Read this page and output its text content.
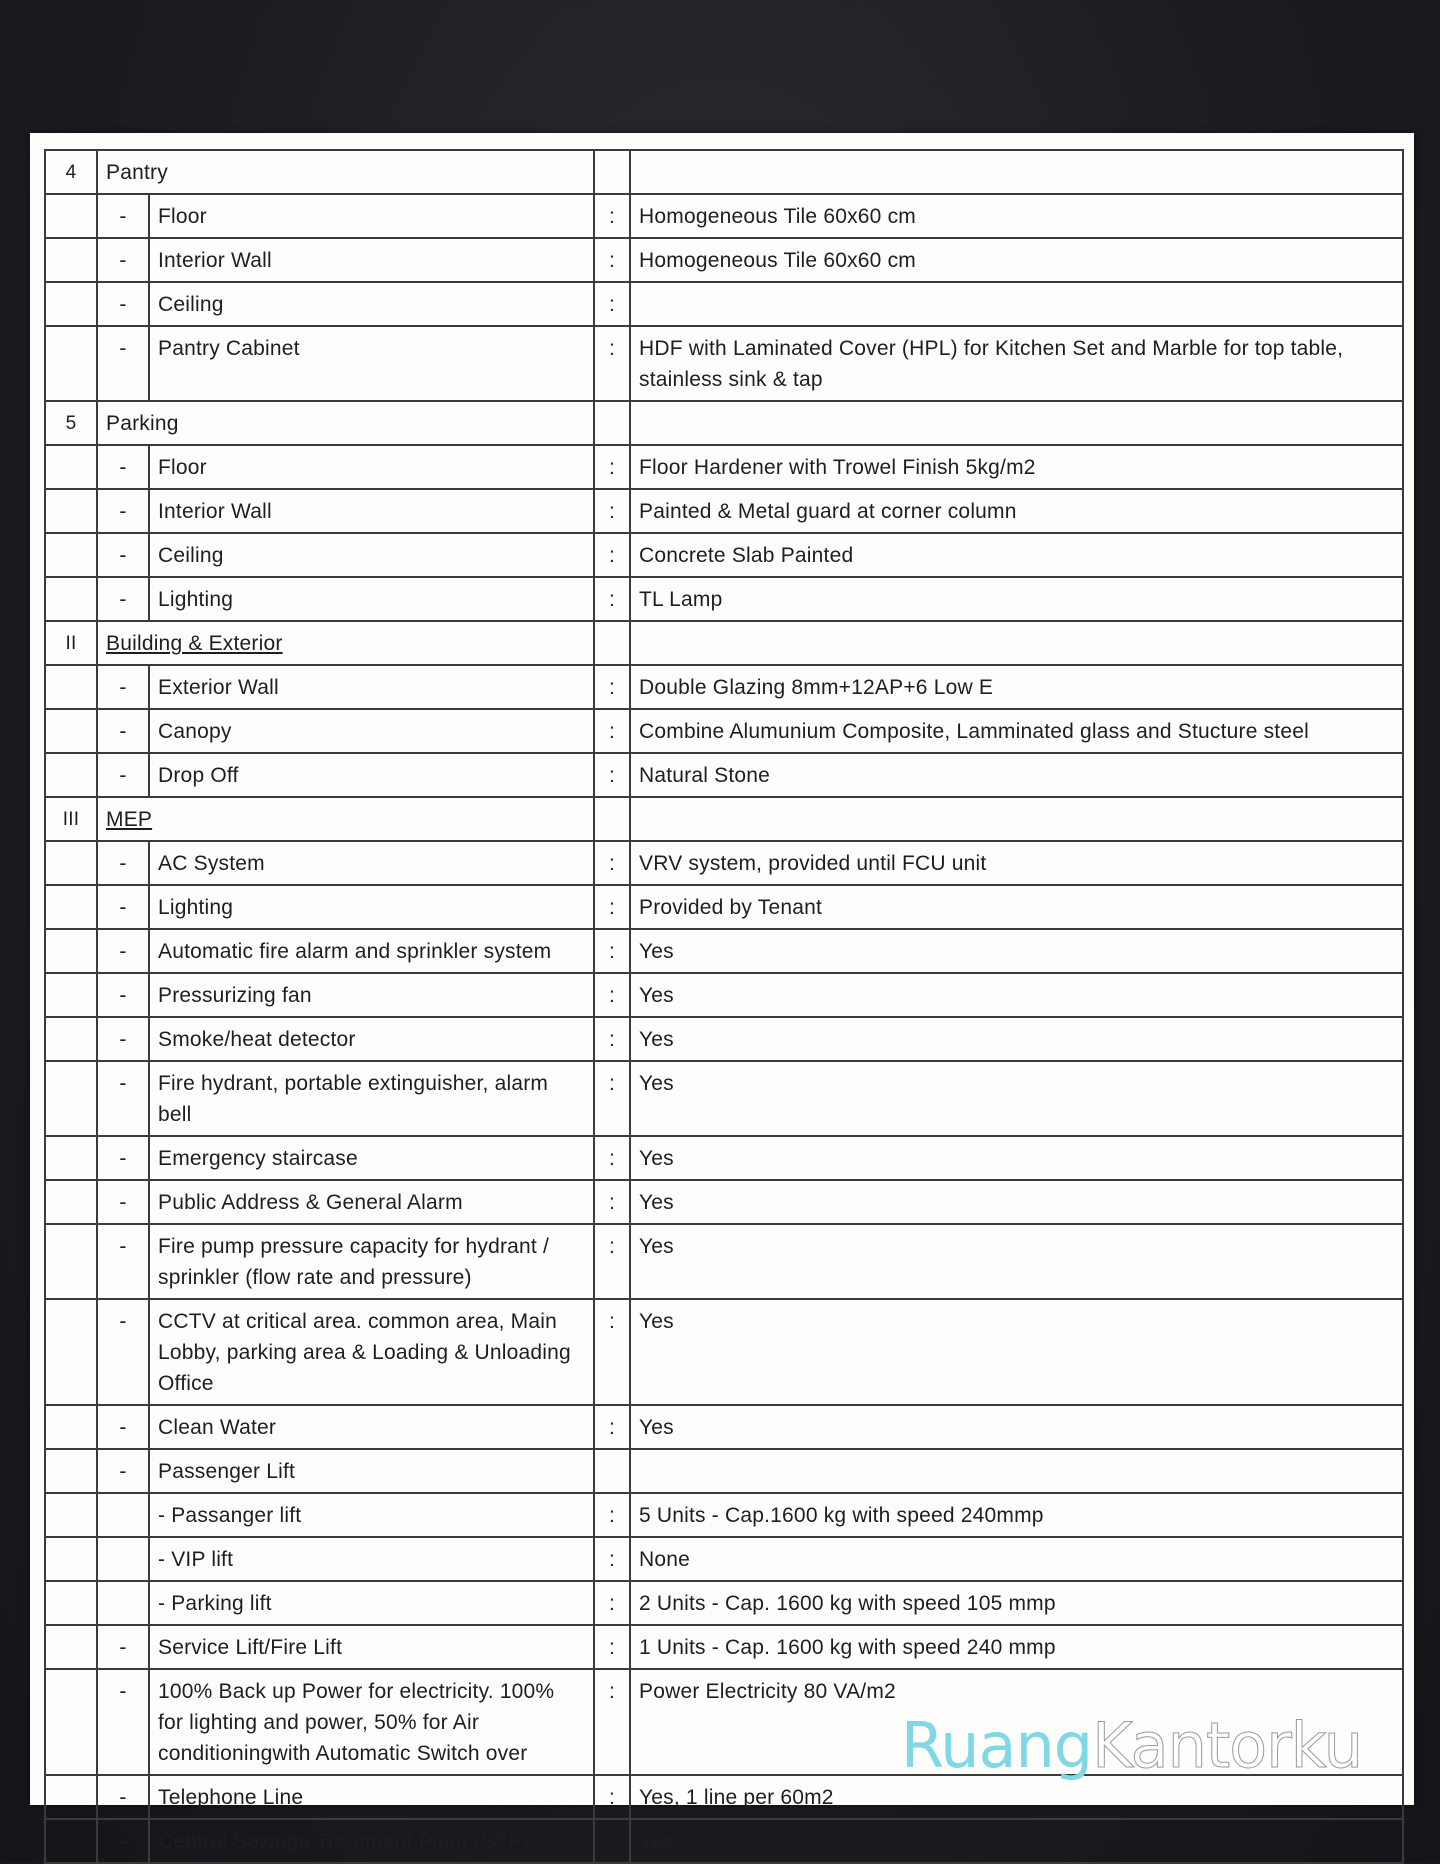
4	Pantry			
	-	Floor	:	Homogeneous Tile 60x60 cm
	-	Interior Wall	:	Homogeneous Tile 60x60 cm
	-	Ceiling	:	
	-	Pantry Cabinet	:	HDF with Laminated Cover (HPL) for Kitchen Set and Marble for top table, stainless sink & tap
5	Parking			
	-	Floor	:	Floor Hardener with Trowel Finish 5kg/m2
	-	Interior Wall	:	Painted & Metal guard at corner column
	-	Ceiling	:	Concrete Slab Painted
	-	Lighting	:	TL Lamp
II	Building & Exterior			
	-	Exterior Wall	:	Double Glazing 8mm+12AP+6 Low E
	-	Canopy	:	Combine Alumunium Composite, Lamminated glass and Stucture steel
	-	Drop Off	:	Natural Stone
III	MEP			
	-	AC System	:	VRV system, provided until FCU unit
	-	Lighting	:	Provided by Tenant
	-	Automatic fire alarm and sprinkler system	:	Yes
	-	Pressurizing fan	:	Yes
	-	Smoke/heat detector	:	Yes
	-	Fire hydrant, portable extinguisher, alarm bell	:	Yes
	-	Emergency staircase	:	Yes
	-	Public Address & General Alarm	:	Yes
	-	Fire pump pressure capacity for hydrant / sprinkler (flow rate and pressure)	:	Yes
	-	CCTV at critical area. common area, Main Lobby, parking area & Loading & Unloading Office	:	Yes
	-	Clean Water	:	Yes
	-	Passenger Lift		
		- Passanger lift	:	5 Units - Cap.1600 kg with speed 240mmp
		- VIP lift	:	None
		- Parking lift	:	2 Units - Cap. 1600 kg with speed 105 mmp
	-	Service Lift/Fire Lift	:	1 Units - Cap. 1600 kg with speed 240 mmp
	-	100% Back up Power for electricity. 100% for lighting and power, 50% for Air conditioningwith Automatic Switch over	:	Power Electricity 80 VA/m2
	-	Telephone Line	:	Yes, 1 line per 60m2
	-	Central Sewage Treatment Plant (STP)	:	Yes
RuangKantorku
